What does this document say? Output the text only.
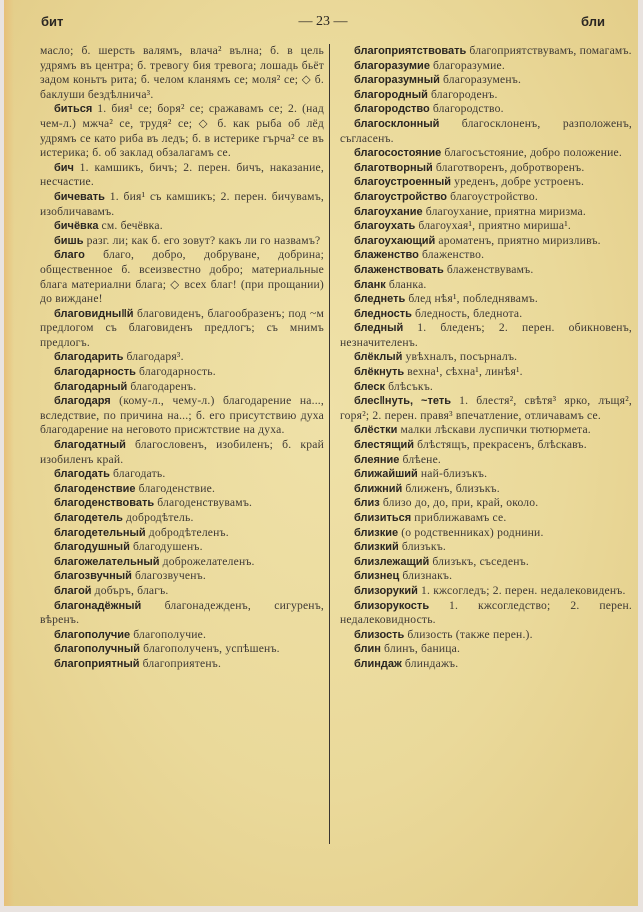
бит	— 23 —	бли

масло; б. шерсть валямъ, влача² вълна; б. в цель удрямъ въ центра; б. тревогу бия тревога; лошадь бьёт задом коньтъ рита; б. челом кланямъ се; моля² се; ◇ б. баклуши бездѣлнича³.

биться 1. бия¹ се; боря² се; сражавамъ се; 2. (над чем-л.) мжча² се, трудя² се; ◇ б. как рыба об лёд удрямъ се като риба въ ледъ; б. в истерике гърча² се въ истерика; б. об заклад обзалагамъ се.

бич 1. камшикъ, бичъ; 2. перен. бичъ, наказание, несчастие.

бичевать 1. бия¹ съ камшикъ; 2. перен. бичувамъ, изобличавамъ.

бичёвка см. бечёвка.

бишь разг. ли; как б. его зовут? какъ ли го назвамъ?

благо благо, добро, добруване, добрина; общественное б. всеизвестно добро; материальные блага материални блага; ◇ всех благ! (при прощании) до виждане!

благовидны‖й благовиденъ, благообразенъ; под ~м предлогом съ благовиденъ предлогъ; съ мнимъ предлогъ.

благодарить благодаря³.

благодарность благодарность.

благодарный благодаренъ.

благодаря (кому-л., чему-л.) благодарение на..., вследствие, по причина на...; б. его присутствию духа благодарение на неговото присжтствие на духа.

благодатный благословенъ, изобиленъ; б. край изобиленъ край.

благодать благодать.

благоденствие благоденствие.

благоденствовать благоденствувамъ.

благодетель добродѣтель.

благодетельный добродѣтеленъ.

благодушный благодушенъ.

благожелательный доброжелателенъ.

благозвучный благозвученъ.

благой добъръ, благъ.

благонадёжный благонадежденъ, сигуренъ, вѣренъ.

благополучие благополучие.

благополучный благополученъ, успѣшенъ.

благоприятный благоприятенъ.

благоприятствовать благоприятствувамъ, помагамъ.

благоразумие благоразумие.

благоразумный благоразуменъ.

благородный благороденъ.

благородство благородство.

благосклонный благосклоненъ, разположенъ, съгласенъ.

благосостояние благосъстояние, добро положение.

благотворный благотворенъ, добротворенъ.

благоустроенный уреденъ, добре устроенъ.

благоустройство благоустройство.

благоухание благоухание, приятна миризма.

благоухать благоухая¹, приятно мириша¹.

благоухающий ароматенъ, приятно миризливъ.

блаженство блаженство.

блаженствовать блаженствувамъ.

бланк бланка.

бледнеть блед нѣя¹, побледнявамъ.

бледность бледность, бледнота.

бледный 1. бледенъ; 2. перен. обикновенъ, незначителенъ.

блёклый увѣхналъ, посърналъ.

блёкнуть вехна¹, сѣхна¹, линѣя¹.

блеск блѣсъкъ.

блес‖нуть, ~теть 1. блестя², свѣтя³ ярко, лъщя², горя²; 2. перен. правя³ впечатление, отличавамъ се.

блёстки малки лѣскави луспички тютюрмета.

блестящий блѣстящъ, прекрасенъ, блѣскавъ.

блеяние блѣене.

ближайший най-близъкъ.

ближний ближенъ, близъкъ.

близ близо до, до, при, край, около.

близиться приближавамъ се.

близкие (о родственниках) роднини.

близкий близъкъ.

близлежащий близъкъ, съседенъ.

близнец близнакъ.

близорукий 1. кжсогледъ; 2. перен. недалековиденъ.

близорукость 1. кжсогледство; 2. перен. недалековидность.

близость близость (также перен.).

блин блинъ, баница.

блиндаж блиндажъ.
